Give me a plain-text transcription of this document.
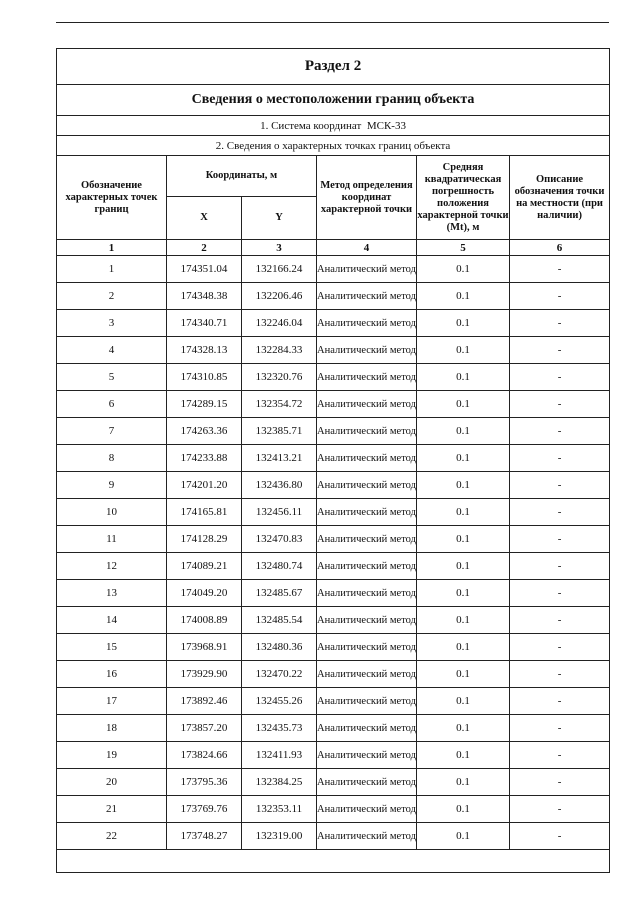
Раздел 2					
Сведения о местоположении границ объекта					
1. Система координат МСК-33					
2. Сведения о характерных точках границ объекта					
Обозначение характерных точек границ	Координаты, м		Метод определения координат характерной точки	Средняя квадратическая погрешность положения характерной точки (Mt), м	Описание обозначения точки на местности (при наличии)
	X	Y			
1	2	3	4	5	6
1	174351.04	132166.24	Аналитический метод	0.1	-
2	174348.38	132206.46	Аналитический метод	0.1	-
3	174340.71	132246.04	Аналитический метод	0.1	-
4	174328.13	132284.33	Аналитический метод	0.1	-
5	174310.85	132320.76	Аналитический метод	0.1	-
6	174289.15	132354.72	Аналитический метод	0.1	-
7	174263.36	132385.71	Аналитический метод	0.1	-
8	174233.88	132413.21	Аналитический метод	0.1	-
9	174201.20	132436.80	Аналитический метод	0.1	-
10	174165.81	132456.11	Аналитический метод	0.1	-
11	174128.29	132470.83	Аналитический метод	0.1	-
12	174089.21	132480.74	Аналитический метод	0.1	-
13	174049.20	132485.67	Аналитический метод	0.1	-
14	174008.89	132485.54	Аналитический метод	0.1	-
15	173968.91	132480.36	Аналитический метод	0.1	-
16	173929.90	132470.22	Аналитический метод	0.1	-
17	173892.46	132455.26	Аналитический метод	0.1	-
18	173857.20	132435.73	Аналитический метод	0.1	-
19	173824.66	132411.93	Аналитический метод	0.1	-
20	173795.36	132384.25	Аналитический метод	0.1	-
21	173769.76	132353.11	Аналитический метод	0.1	-
22	173748.27	132319.00	Аналитический метод	0.1	-
